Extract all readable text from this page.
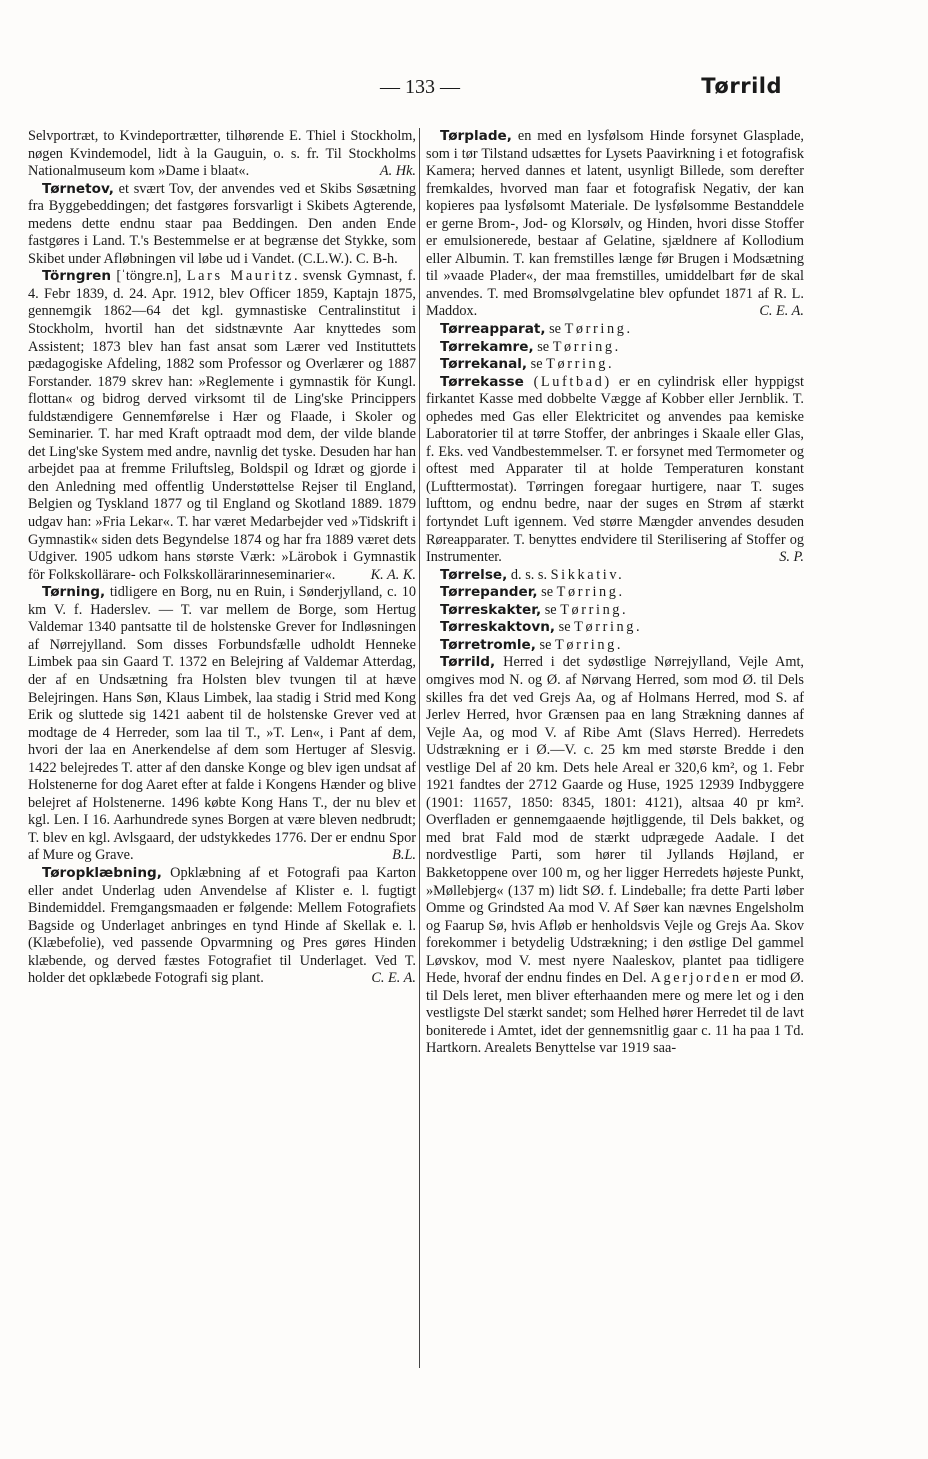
— 133 —	Tørrild

Selvportræt, to Kvindeportrætter, tilhørende E. Thiel i Stockholm, nøgen Kvindemodel, lidt à la Gauguin, o. s. fr. Til Stockholms Nationalmuseum kom »Dame i blaat«.	A. Hk.

Tørnetov, et svært Tov, der anvendes ved et Skibs Søsætning fra Byggebeddingen; det fastgøres forsvarligt i Skibets Agterende, medens dette endnu staar paa Beddingen. Den anden Ende fastgøres i Land. T.'s Bestemmelse er at begrænse det Stykke, som Skibet under Afløbningen vil løbe ud i Vandet. (C.L.W.). C. B-h.

Törngren [ˈtöngre.n], Lars Mauritz. svensk Gymnast, f. 4. Febr 1839, d. 24. Apr. 1912, blev Officer 1859, Kaptajn 1875, gennemgik 1862—64 det kgl. gymnastiske Centralinstitut i Stockholm, hvortil han det sidstnævnte Aar knyttedes som Assistent; 1873 blev han fast ansat som Lærer ved Instituttets pædagogiske Afdeling, 1882 som Professor og Overlærer og 1887 Forstander. 1879 skrev han: »Reglemente i gymnastik för Kungl. flottan« og bidrog derved virksomt til de Ling'ske Princippers fuldstændigere Gennemførelse i Hær og Flaade, i Skoler og Seminarier. T. har med Kraft optraadt mod dem, der vilde blande det Ling'ske System med andre, navnlig det tyske. Desuden har han arbejdet paa at fremme Friluftsleg, Boldspil og Idræt og gjorde i den Anledning med offentlig Understøttelse Rejser til England, Belgien og Tyskland 1877 og til England og Skotland 1889. 1879 udgav han: »Fria Lekar«. T. har været Medarbejder ved »Tidskrift i Gymnastik« siden dets Begyndelse 1874 og har fra 1889 været dets Udgiver. 1905 udkom hans største Værk: »Lärobok i Gymnastik för Folkskollärare- och Folkskollärarinneseminarier«.	K. A. K.

Tørning, tidligere en Borg, nu en Ruin, i Sønderjylland, c. 10 km V. f. Haderslev. — T. var mellem de Borge, som Hertug Valdemar 1340 pantsatte til de holstenske Grever for Indløsningen af Nørrejylland. Som disses Forbundsfælle udholdt Henneke Limbek paa sin Gaard T. 1372 en Belejring af Valdemar Atterdag, der af en Undsætning fra Holsten blev tvungen til at hæve Belejringen. Hans Søn, Klaus Limbek, laa stadig i Strid med Kong Erik og sluttede sig 1421 aabent til de holstenske Grever ved at modtage de 4 Herreder, som laa til T., »T. Len«, i Pant af dem, hvori der laa en Anerkendelse af dem som Hertuger af Slesvig. 1422 belejredes T. atter af den danske Konge og blev igen undsat af Holstenerne for dog Aaret efter at falde i Kongens Hænder og blive belejret af Holstenerne. 1496 købte Kong Hans T., der nu blev et kgl. Len. I 16. Aarhundrede synes Borgen at være bleven nedbrudt; T. blev en kgl. Avlsgaard, der udstykkedes 1776. Der er endnu Spor af Mure og Grave.	B.L.

Tøropklæbning, Opklæbning af et Fotografi paa Karton eller andet Underlag uden Anvendelse af Klister e. l. fugtigt Bindemiddel. Fremgangsmaaden er følgende: Mellem Fotografiets Bagside og Underlaget anbringes en tynd Hinde af Skellak e. l. (Klæbefolie), ved passende Opvarmning og Pres gøres Hinden klæbende, og derved fæstes Fotografiet til Underlaget. Ved T. holder det opklæbede Fotografi sig plant.	C. E. A.

Tørplade, en med en lysfølsom Hinde forsynet Glasplade, som i tør Tilstand udsættes for Lysets Paavirkning i et fotografisk Kamera; herved dannes et latent, usynligt Billede, som derefter fremkaldes, hvorved man faar et fotografisk Negativ, der kan kopieres paa lysfølsomt Materiale. De lysfølsomme Bestanddele er gerne Brom-, Jod- og Klorsølv, og Hinden, hvori disse Stoffer er emulsionerede, bestaar af Gelatine, sjældnere af Kollodium eller Albumin. T. kan fremstilles længe før Brugen i Modsætning til »vaade Plader«, der maa fremstilles, umiddelbart før de skal anvendes. T. med Bromsølvgelatine blev opfundet 1871 af R. L. Maddox.	C. E. A.

Tørreapparat, se Tørring.

Tørrekamre, se Tørring.

Tørrekanal, se Tørring.

Tørrekasse (Luftbad) er en cylindrisk eller hyppigst firkantet Kasse med dobbelte Vægge af Kobber eller Jernblik. T. ophedes med Gas eller Elektricitet og anvendes paa kemiske Laboratorier til at tørre Stoffer, der anbringes i Skaale eller Glas, f. Eks. ved Vandbestemmelser. T. er forsynet med Termometer og oftest med Apparater til at holde Temperaturen konstant (Lufttermostat). Tørringen foregaar hurtigere, naar T. suges lufttom, og endnu bedre, naar der suges en Strøm af stærkt fortyndet Luft igennem. Ved større Mængder anvendes desuden Røreapparater. T. benyttes endvidere til Sterilisering af Stoffer og Instrumenter.	S. P.

Tørrelse, d. s. s. Sikkativ.

Tørrepander, se Tørring.

Tørreskakter, se Tørring.

Tørreskaktovn, se Tørring.

Tørretromle, se Tørring.

Tørrild, Herred i det sydøstlige Nørrejylland, Vejle Amt, omgives mod N. og Ø. af Nørvang Herred, som mod Ø. til Dels skilles fra det ved Grejs Aa, og af Holmans Herred, mod S. af Jerlev Herred, hvor Grænsen paa en lang Strækning dannes af Vejle Aa, og mod V. af Ribe Amt (Slavs Herred). Herredets Udstrækning er i Ø.—V. c. 25 km med største Bredde i den vestlige Del af 20 km. Dets hele Areal er 320,6 km², og 1. Febr 1921 fandtes der 2712 Gaarde og Huse, 1925 12939 Indbyggere (1901: 11657, 1850: 8345, 1801: 4121), altsaa 40 pr km². Overfladen er gennemgaaende højtliggende, til Dels bakket, og med brat Fald mod de stærkt udprægede Aadale. I det nordvestlige Parti, som hører til Jyllands Højland, er Bakketoppene over 100 m, og her ligger Herredets højeste Punkt, »Møllebjerg« (137 m) lidt SØ. f. Lindeballe; fra dette Parti løber Omme og Grindsted Aa mod V. Af Søer kan nævnes Engelsholm og Faarup Sø, hvis Afløb er henholdsvis Vejle og Grejs Aa. Skov forekommer i betydelig Udstrækning; i den østlige Del gammel Løvskov, mod V. mest nyere Naaleskov, plantet paa tidligere Hede, hvoraf der endnu findes en Del. Agerjorden er mod Ø. til Dels leret, men bliver efterhaanden mere og mere let og i den vestligste Del stærkt sandet; som Helhed hører Herredet til de lavt boniterede i Amtet, idet der gennemsnitlig gaar c. 11 ha paa 1 Td. Hartkorn. Arealets Benyttelse var 1919 saa-
